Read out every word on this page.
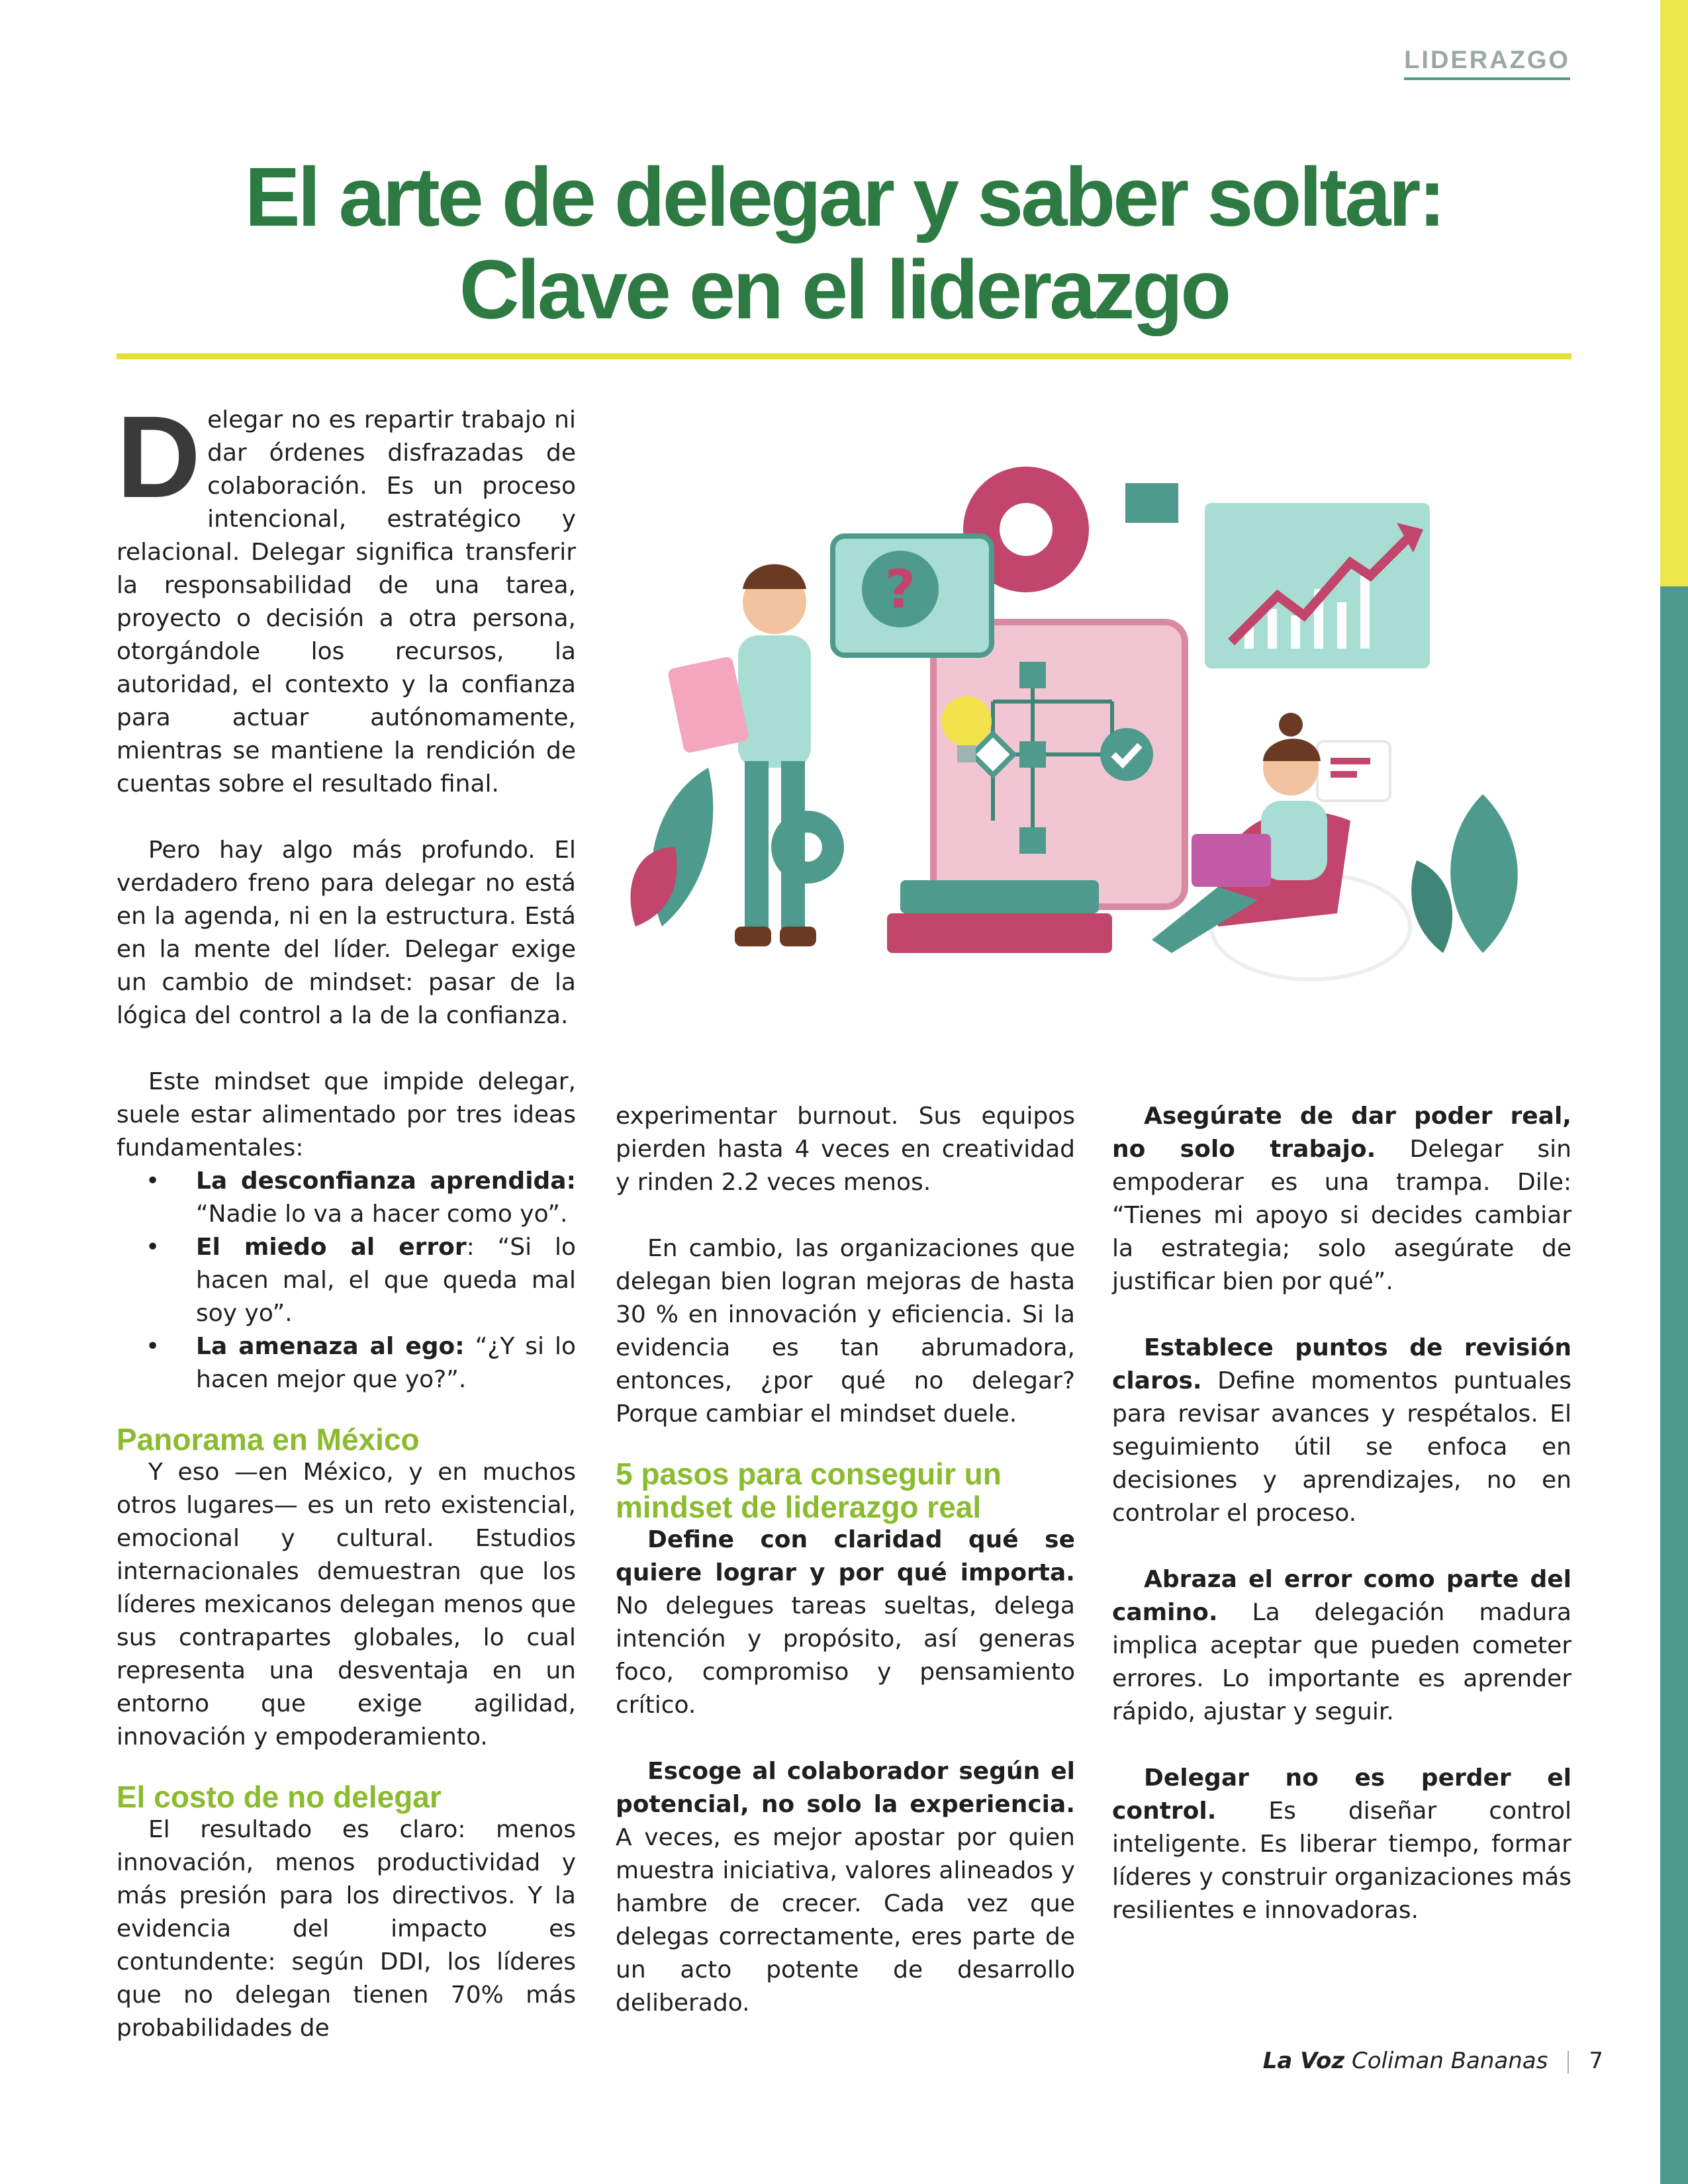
LIDERAZGO
El arte de delegar y saber soltar:
Clave en el liderazgo
?

Delegar no es repartir trabajo ni dar órdenes disfrazadas de colaboración. Es un proceso intencional, estratégico y relacional. Delegar significa transferir la responsabilidad de una tarea, proyecto o decisión a otra persona, otorgándole los recursos, la autoridad, el contexto y la confianza para actuar autónomamente, mientras se mantiene la rendición de cuentas sobre el resultado final.

Pero hay algo más profundo. El verdadero freno para delegar no está en la agenda, ni en la estructura. Está en la mente del líder. Delegar exige un cambio de mindset: pasar de la lógica del control a la de la confianza.

Este mindset que impide delegar, suele estar alimentado por tres ideas fundamentales:

• La desconfianza aprendida: “Nadie lo va a hacer como yo”.
• El miedo al error: “Si lo hacen mal, el que queda mal soy yo”.
• La amenaza al ego: “¿Y si lo hacen mejor que yo?”.

Panorama en México

Y eso —en México, y en muchos otros lugares— es un reto existencial, emocional y cultural. Estudios internacionales demuestran que los líderes mexicanos delegan menos que sus contrapartes globales, lo cual representa una desventaja en un entorno que exige agilidad, innovación y empoderamiento.

El costo de no delegar

El resultado es claro: menos innovación, menos productividad y más presión para los directivos. Y la evidencia del impacto es contundente: según DDI, los líderes que no delegan tienen 70% más probabilidades de

experimentar burnout. Sus equipos pierden hasta 4 veces en creatividad y rinden 2.2 veces menos.

En cambio, las organizaciones que delegan bien logran mejoras de hasta 30 % en innovación y eficiencia. Si la evidencia es tan abrumadora, entonces, ¿por qué no delegar? Porque cambiar el mindset duele.

5 pasos para conseguir un mindset de liderazgo real

Define con claridad qué se quiere lograr y por qué importa. No delegues tareas sueltas, delega intención y propósito, así generas foco, compromiso y pensamiento crítico.

Escoge al colaborador según el potencial, no solo la experiencia. A veces, es mejor apostar por quien muestra iniciativa, valores alineados y hambre de crecer. Cada vez que delegas correctamente, eres parte de un acto potente de desarrollo deliberado.

Asegúrate de dar poder real, no solo trabajo. Delegar sin empoderar es una trampa. Dile: “Tienes mi apoyo si decides cambiar la estrategia; solo asegúrate de justificar bien por qué”.

Establece puntos de revisión claros. Define momentos puntuales para revisar avances y respétalos. El seguimiento útil se enfoca en decisiones y aprendizajes, no en controlar el proceso.

Abraza el error como parte del camino. La delegación madura implica aceptar que pueden cometer errores. Lo importante es aprender rápido, ajustar y seguir.

Delegar no es perder el control. Es diseñar control inteligente. Es liberar tiempo, formar líderes y construir organizaciones más resilientes e innovadoras.

La Voz Coliman Bananas 7
